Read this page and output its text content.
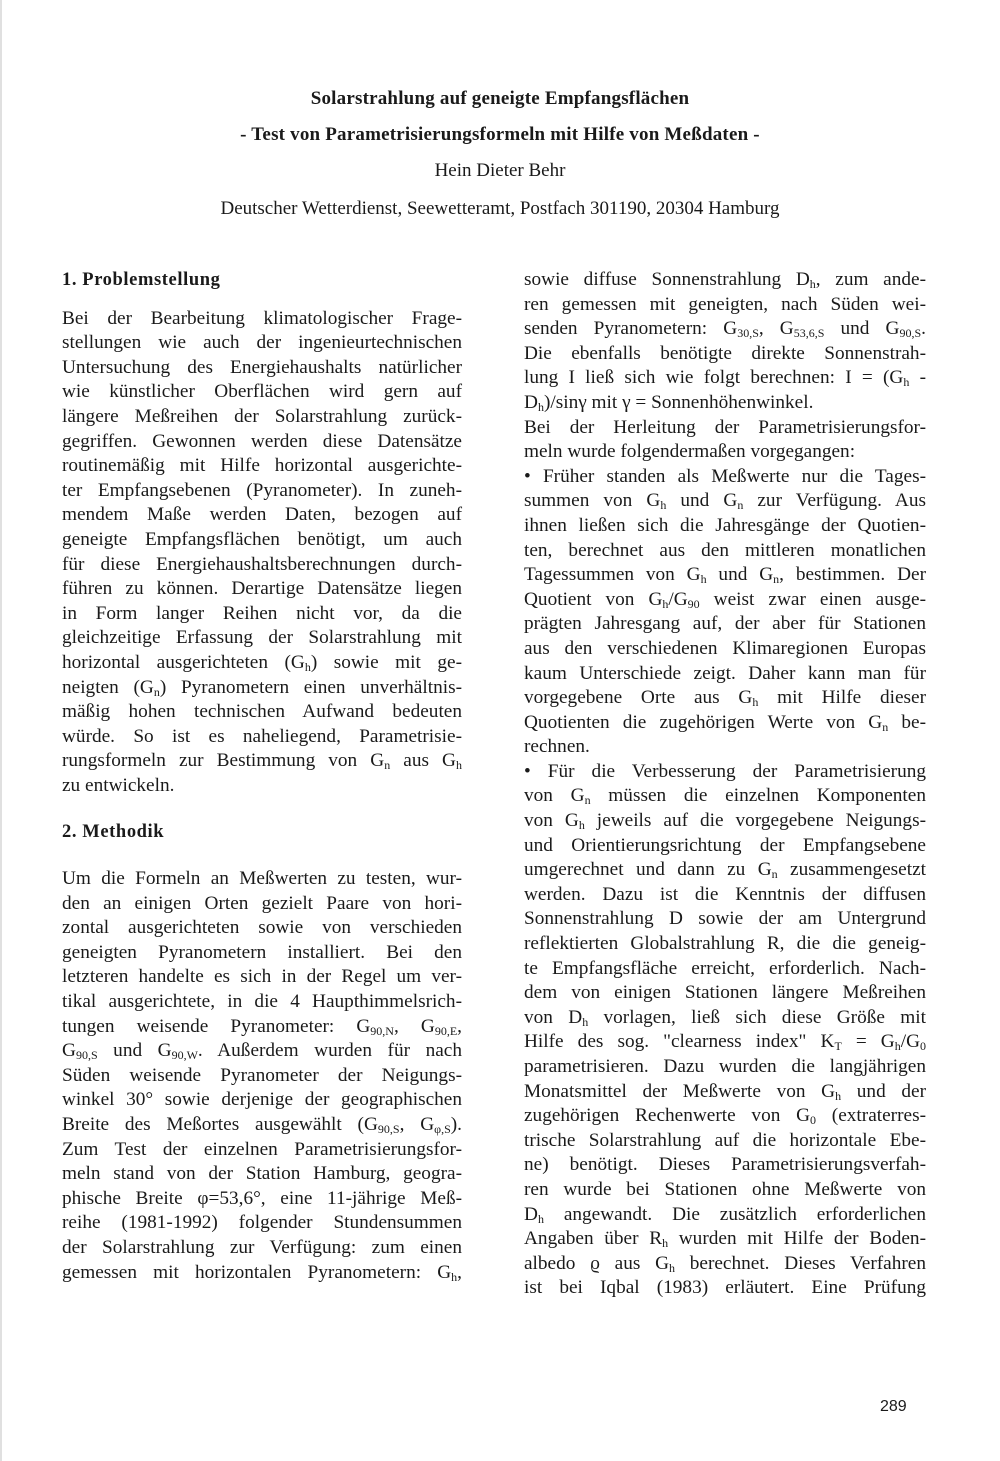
Solarstrahlung auf geneigte Empfangsflächen
- Test von Parametrisierungsformeln mit Hilfe von Meßdaten -
Hein Dieter Behr
Deutscher Wetterdienst, Seewetteramt, Postfach 301190, 20304 Hamburg
1. Problemstellung
Bei der Bearbeitung klimatologischer Frage-
stellungen wie auch der ingenieurtechnischen
Untersuchung des Energiehaushalts natürlicher
wie künstlicher Oberflächen wird gern auf
längere Meßreihen der Solarstrahlung zurück-
gegriffen. Gewonnen werden diese Datensätze
routinemäßig mit Hilfe horizontal ausgerichte-
ter Empfangsebenen (Pyranometer). In zuneh-
mendem Maße werden Daten, bezogen auf
geneigte Empfangsflächen benötigt, um auch
für diese Energiehaushaltsberechnungen durch-
führen zu können. Derartige Datensätze liegen
in Form langer Reihen nicht vor, da die
gleichzeitige Erfassung der Solarstrahlung mit
horizontal ausgerichteten $(G_h)$ sowie mit ge-
neigten $(G_n)$ Pyranometern einen unverhältnis-
mäßig hohen technischen Aufwand bedeuten
würde. So ist es naheliegend, Parametrisie-
rungsformeln zur Bestimmung von $G_n$ aus $G_h$
zu entwickeln.
2. Methodik
Um die Formeln an Meßwerten zu testen, wur-
den an einigen Orten gezielt Paare von hori-
zontal ausgerichteten sowie von verschieden
geneigten Pyranometern installiert. Bei den
letzteren handelte es sich in der Regel um ver-
tikal ausgerichtete, in die 4 Haupthimmelsrich-
tungen weisende Pyranometer: $G_{90,N}$, $G_{90,E}$,
$G_{90,S}$ und $G_{90,W}$. Außerdem wurden für nach
Süden weisende Pyranometer der Neigungs-
winkel 30° sowie derjenige der geographischen
Breite des Meßortes ausgewählt ($G_{90,S}$, $G_{\varphi,S}$).
Zum Test der einzelnen Parametrisierungsfor-
meln stand von der Station Hamburg, geogra-
phische Breite φ=53,6°, eine 11-jährige Meß-
reihe (1981-1992) folgender Stundensummen
der Solarstrahlung zur Verfügung: zum einen
gemessen mit horizontalen Pyranometern: $G_h$,
sowie diffuse Sonnenstrahlung $D_h$, zum ande-
ren gemessen mit geneigten, nach Süden wei-
senden Pyranometern: $G_{30,S}$, $G_{53,6,S}$ und $G_{90,S}$.
Die ebenfalls benötigte direkte Sonnenstrah-
lung I ließ sich wie folgt berechnen: $I = (G_h$ -
$D_h$)/sinγ mit γ = Sonnenhöhenwinkel.
Bei der Herleitung der Parametrisierungsfor-
meln wurde folgendermaßen vorgegangen:
• Früher standen als Meßwerte nur die Tages-
summen von $G_h$ und $G_n$ zur Verfügung. Aus
ihnen ließen sich die Jahresgänge der Quotien-
ten, berechnet aus den mittleren monatlichen
Tagessummen von $G_h$ und $G_n$, bestimmen. Der
Quotient von $G_h/G_{90}$ weist zwar einen ausge-
prägten Jahresgang auf, der aber für Stationen
aus den verschiedenen Klimaregionen Europas
kaum Unterschiede zeigt. Daher kann man für
vorgegebene Orte aus $G_h$ mit Hilfe dieser
Quotienten die zugehörigen Werte von $G_n$ be-
rechnen.
• Für die Verbesserung der Parametrisierung
von $G_n$ müssen die einzelnen Komponenten
von $G_h$ jeweils auf die vorgegebene Neigungs-
und Orientierungsrichtung der Empfangsebene
umgerechnet und dann zu $G_n$ zusammengesetzt
werden. Dazu ist die Kenntnis der diffusen
Sonnenstrahlung D sowie der am Untergrund
reflektierten Globalstrahlung R, die die geneig-
te Empfangsfläche erreicht, erforderlich. Nach-
dem von einigen Stationen längere Meßreihen
von $D_h$ vorlagen, ließ sich diese Größe mit
Hilfe des sog. "clearness index" $K_T = G_h/G_0$
parametrisieren. Dazu wurden die langjährigen
Monatsmittel der Meßwerte von $G_h$ und der
zugehörigen Rechenwerte von $G_0$ (extraterres-
trische Solarstrahlung auf die horizontale Ebe-
ne) benötigt. Dieses Parametrisierungsverfah-
ren wurde bei Stationen ohne Meßwerte von
$D_h$ angewandt. Die zusätzlich erforderlichen
Angaben über $R_h$ wurden mit Hilfe der Boden-
albedo ϱ aus $G_h$ berechnet. Dieses Verfahren
ist bei Iqbal (1983) erläutert. Eine Prüfung
289
